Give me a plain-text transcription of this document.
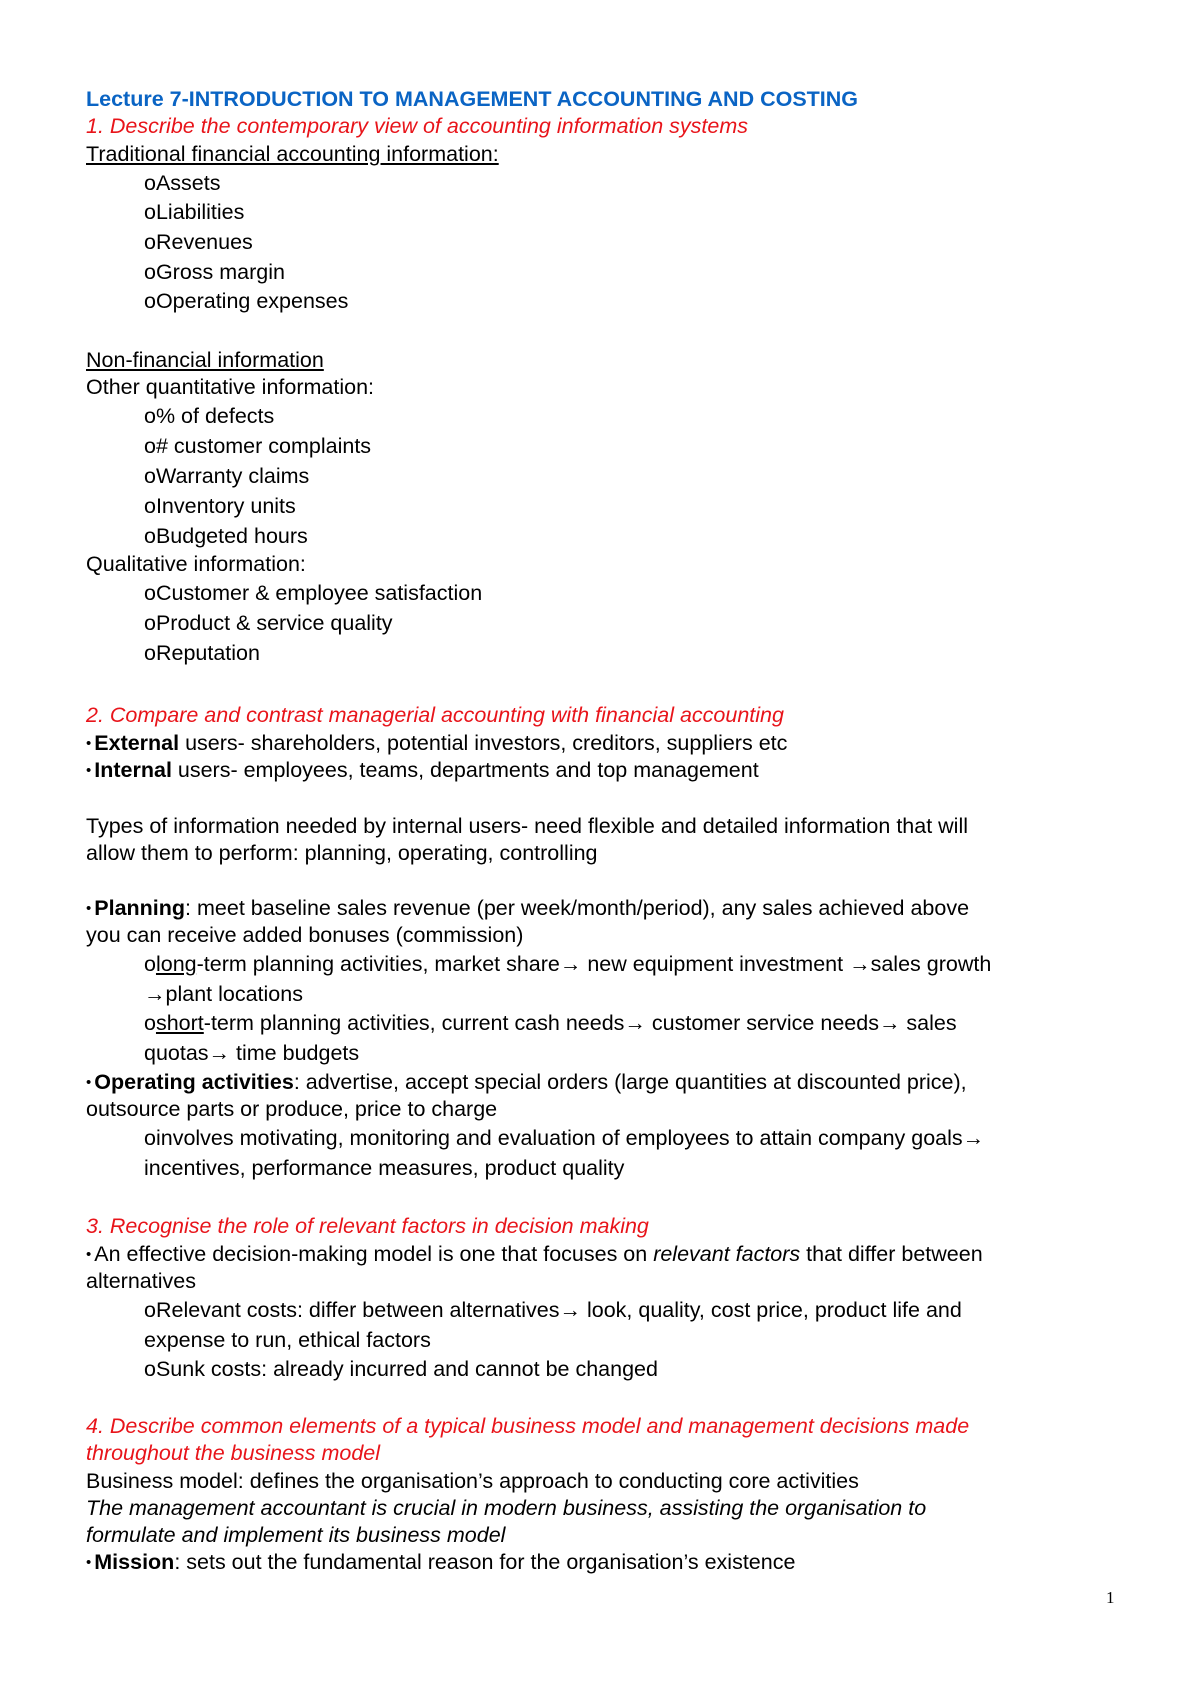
Lecture 7-INTRODUCTION TO MANAGEMENT ACCOUNTING AND COSTING
1. Describe the contemporary view of accounting information systems
Traditional financial accounting information:
oAssets
oLiabilities
oRevenues
oGross margin
oOperating expenses
Non-financial information
Other quantitative information:
o% of defects
o# customer complaints
oWarranty claims
oInventory units
oBudgeted hours
Qualitative information:
oCustomer & employee satisfaction
oProduct & service quality
oReputation
2. Compare and contrast managerial accounting with financial accounting
• External users- shareholders, potential investors, creditors, suppliers etc
• Internal users- employees, teams, departments and top management
Types of information needed by internal users- need flexible and detailed information that will
allow them to perform: planning, operating, controlling
• Planning: meet baseline sales revenue (per week/month/period), any sales achieved above
you can receive added bonuses (commission)
olong-term planning activities, market share→ new equipment investment →sales growth
→plant locations
oshort-term planning activities, current cash needs→ customer service needs→ sales
quotas→ time budgets
• Operating activities: advertise, accept special orders (large quantities at discounted price),
outsource parts or produce, price to charge
oinvolves motivating, monitoring and evaluation of employees to attain company goals→
incentives, performance measures, product quality
3. Recognise the role of relevant factors in decision making
• An effective decision-making model is one that focuses on relevant factors that differ between
alternatives
oRelevant costs: differ between alternatives→ look, quality, cost price, product life and
expense to run, ethical factors
oSunk costs: already incurred and cannot be changed
4. Describe common elements of a typical business model and management decisions made
throughout the business model
Business model: defines the organisation’s approach to conducting core activities
The management accountant is crucial in modern business, assisting the organisation to
formulate and implement its business model
• Mission: sets out the fundamental reason for the organisation’s existence
1
